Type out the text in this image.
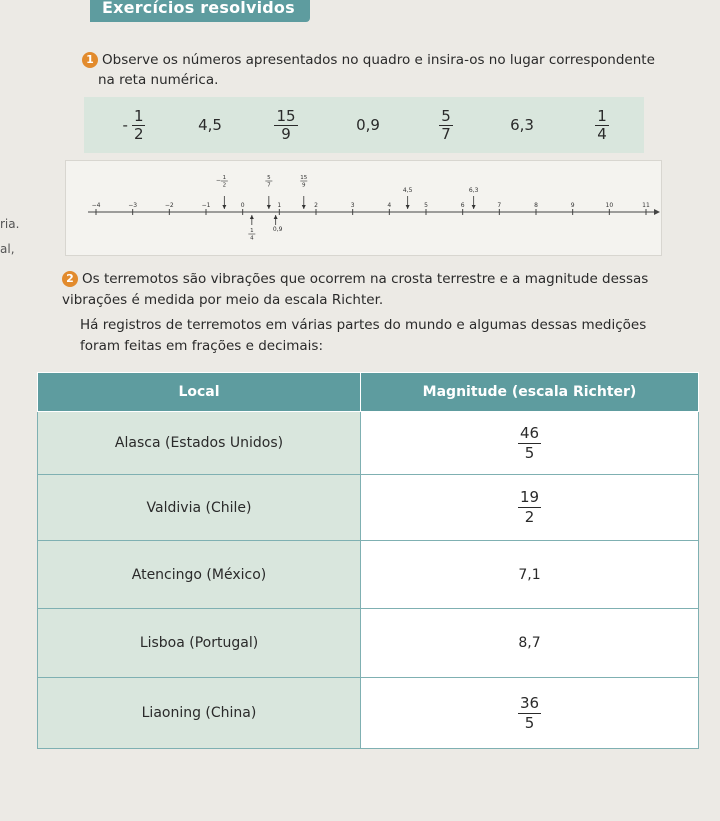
Exercícios resolvidos
ria.
al,
1 Observe os números apresentados no quadro e insira-os no lugar correspondente
na reta numérica.
- $\frac{1}{2}$	4,5	$\frac{15}{9}$	0,9	$\frac{5}{7}$	6,3	$\frac{1}{4}$
−4	−3	−2	−1	0	1	2	3	4	5	6	7	8	9	10	11
− 1
2
5
7
15
9
4,5	6,3
1
4
0,9

2 Os terremotos são vibrações que ocorrem na crosta terrestre e a magnitude dessas vibrações é medida por meio da escala Richter.

Há registros de terremotos em várias partes do mundo e algumas dessas medições foram feitas em frações e decimais:

Local	Magnitude (escala Richter)
Alasca (Estados Unidos)	$\frac{46}{5}$

Valdivia (Chile)	$\frac{19}{2}$

Atencingo (México)	7,1
Lisboa (Portugal)	8,7
Liaoning (China)	$\frac{36}{5}$
